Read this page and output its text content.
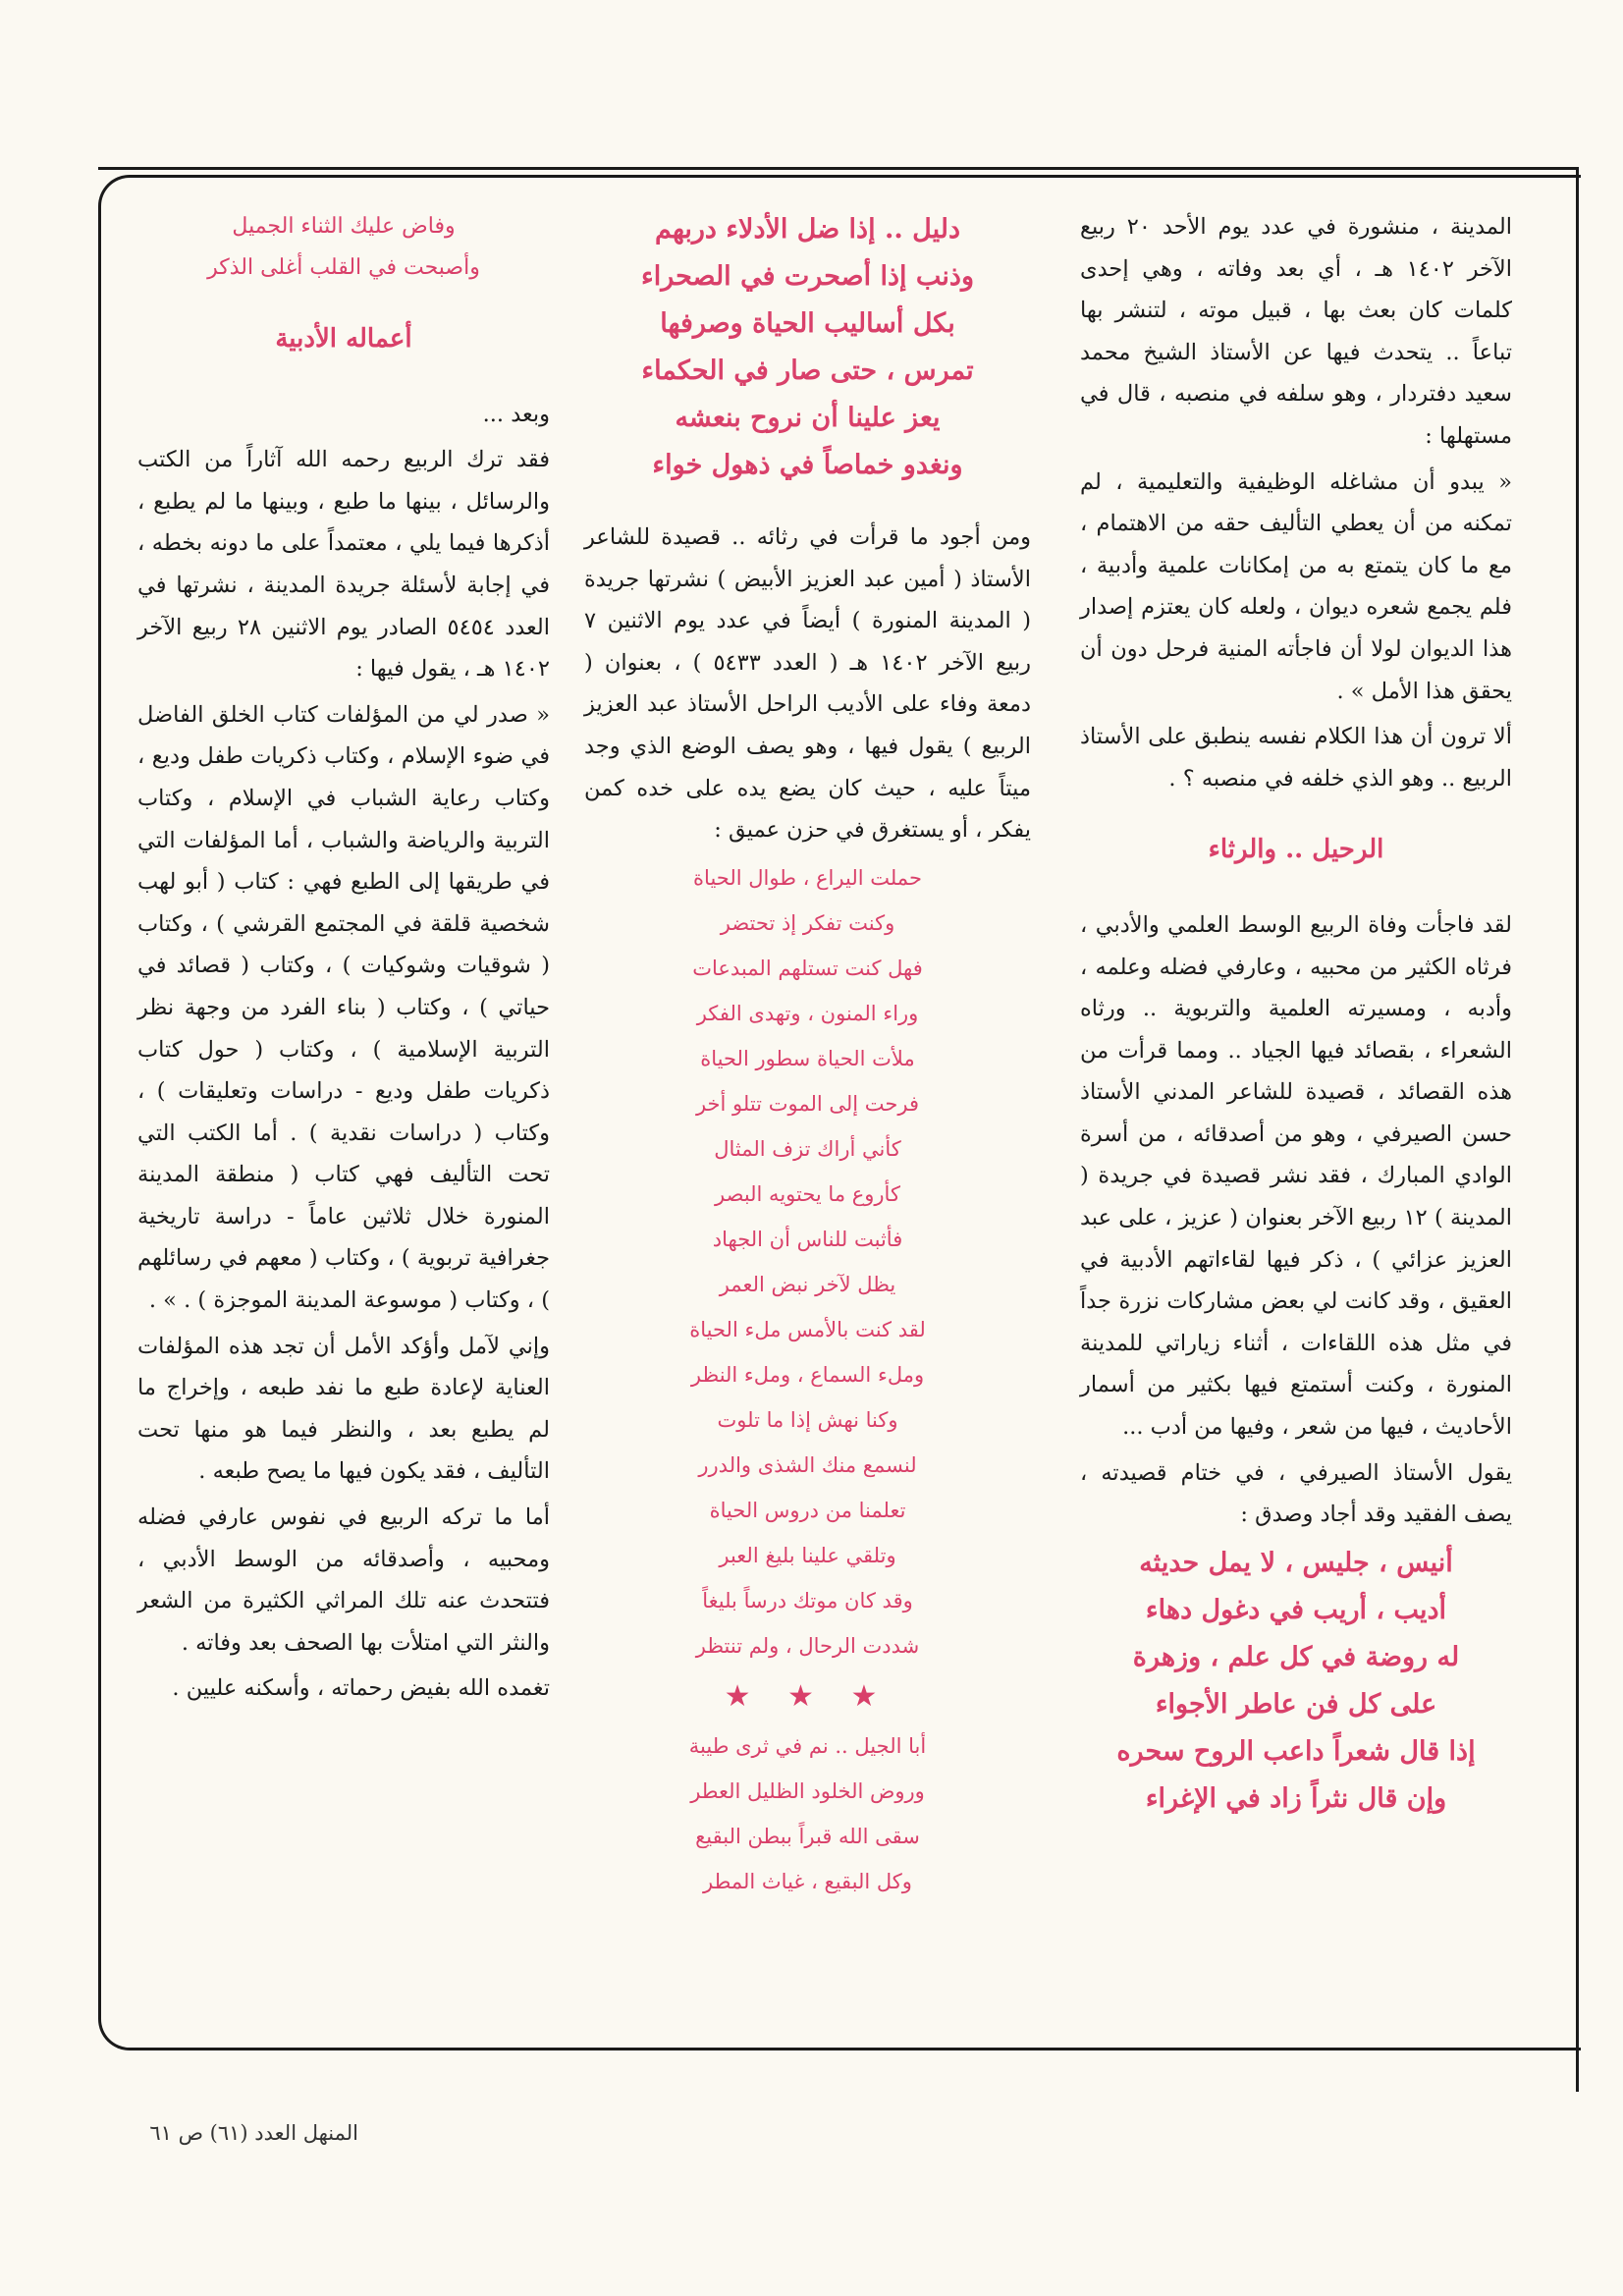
المدينة ، منشورة في عدد يوم الأحد ٢٠ ربيع الآخر ١٤٠٢ هـ ، أي بعد وفاته ، وهي إحدى كلمات كان بعث بها ، قبيل موته ، لتنشر بها تباعاً .. يتحدث فيها عن الأستاذ الشيخ محمد سعيد دفتردار ، وهو سلفه في منصبه ، قال في مستهلها :

« يبدو أن مشاغله الوظيفية والتعليمية ، لم تمكنه من أن يعطي التأليف حقه من الاهتمام ، مع ما كان يتمتع به من إمكانات علمية وأدبية ، فلم يجمع شعره ديوان ، ولعله كان يعتزم إصدار هذا الديوان لولا أن فاجأته المنية فرحل دون أن يحقق هذا الأمل » .

ألا ترون أن هذا الكلام نفسه ينطبق على الأستاذ الربيع .. وهو الذي خلفه في منصبه ؟ .

الرحيل .. والرثاء

لقد فاجأت وفاة الربيع الوسط العلمي والأدبي ، فرثاه الكثير من محبيه ، وعارفي فضله وعلمه ، وأدبه ، ومسيرته العلمية والتربوية .. ورثاه الشعراء ، بقصائد فيها الجياد .. ومما قرأت من هذه القصائد ، قصيدة للشاعر المدني الأستاذ حسن الصيرفي ، وهو من أصدقائه ، من أسرة الوادي المبارك ، فقد نشر قصيدة في جريدة ( المدينة ) ١٢ ربيع الآخر بعنوان ( عزيز ، على عبد العزيز عزائي ) ، ذكر فيها لقاءاتهم الأدبية في العقيق ، وقد كانت لي بعض مشاركات نزرة جداً في مثل هذه اللقاءات ، أثناء زياراتي للمدينة المنورة ، وكنت أستمتع فيها بكثير من أسمار الأحاديث ، فيها من شعر ، وفيها من أدب ...

يقول الأستاذ الصيرفي ، في ختام قصيدته ، يصف الفقيد وقد أجاد وصدق :

أنيس ، جليس ، لا يمل حديثه
أديب ، أريب في دغول دهاء
له روضة في كل علم ، وزهرة
على كل فن عاطر الأجواء
إذا قال شعراً داعب الروح سحره
وإن قال نثراً زاد في الإغراء
دليل .. إذا ضل الأدلاء دربهم
وذنب إذا أصحرت في الصحراء
بكل أساليب الحياة وصرفها
تمرس ، حتى صار في الحكماء
يعز علينا أن نروح بنعشه
ونغدو خماصاً في ذهول خواء

ومن أجود ما قرأت في رثائه .. قصيدة للشاعر الأستاذ ( أمين عبد العزيز الأبيض ) نشرتها جريدة ( المدينة المنورة ) أيضاً في عدد يوم الاثنين ٧ ربيع الآخر ١٤٠٢ هـ ( العدد ٥٤٣٣ ) ، بعنوان ( دمعة وفاء على الأديب الراحل الأستاذ عبد العزيز الربيع ) يقول فيها ، وهو يصف الوضع الذي وجد ميتاً عليه ، حيث كان يضع يده على خده كمن يفكر ، أو يستغرق في حزن عميق :

حملت اليراع ، طوال الحياة
وكنت تفكر إذ تحتضر
فهل كنت تستلهم المبدعات
وراء المنون ، وتهدى الفكر
ملأت الحياة سطور الحياة
فرحت إلى الموت تتلو أخر
كأني أراك تزف المثال
كأروع ما يحتويه البصر
فأثبت للناس أن الجهاد
يظل لآخر نبض العمر
لقد كنت بالأمس ملء الحياة
وملء السماع ، وملء النظر
وكنا نهش إذا ما تلوت
لنسمع منك الشذى والدرر
تعلمنا من دروس الحياة
وتلقي علينا بليغ العبر
وقد كان موتك درساً بليغاً
شددت الرحال ، ولم تنتظر
★ ★ ★
أبا الجيل .. نم في ثرى طيبة
وروض الخلود الظليل العطر
سقى الله قبراً ببطن البقيع
وكل البقيع ، غياث المطر
وفاض عليك الثناء الجميل
وأصبحت في القلب أغلى الذكر

أعماله الأدبية

وبعد ...

فقد ترك الربيع رحمه الله آثاراً من الكتب والرسائل ، بينها ما طبع ، وبينها ما لم يطبع ، أذكرها فيما يلي ، معتمداً على ما دونه بخطه ، في إجابة لأسئلة جريدة المدينة ، نشرتها في العدد ٥٤٥٤ الصادر يوم الاثنين ٢٨ ربيع الآخر ١٤٠٢ هـ ، يقول فيها :

« صدر لي من المؤلفات كتاب الخلق الفاضل في ضوء الإسلام ، وكتاب ذكريات طفل وديع ، وكتاب رعاية الشباب في الإسلام ، وكتاب التربية والرياضة والشباب ، أما المؤلفات التي في طريقها إلى الطبع فهي : كتاب ( أبو لهب شخصية قلقة في المجتمع القرشي ) ، وكتاب ( شوقيات وشوكيات ) ، وكتاب ( قصائد في حياتي ) ، وكتاب ( بناء الفرد من وجهة نظر التربية الإسلامية ) ، وكتاب ( حول كتاب ذكريات طفل وديع - دراسات وتعليقات ) ، وكتاب ( دراسات نقدية ) . أما الكتب التي تحت التأليف فهي كتاب ( منطقة المدينة المنورة خلال ثلاثين عاماً - دراسة تاريخية جغرافية تربوية ) ، وكتاب ( معهم في رسائلهم ) ، وكتاب ( موسوعة المدينة الموجزة ) . » .

وإني لآمل وأؤكد الأمل أن تجد هذه المؤلفات العناية لإعادة طبع ما نفد طبعه ، وإخراج ما لم يطبع بعد ، والنظر فيما هو منها تحت التأليف ، فقد يكون فيها ما يصح طبعه .

أما ما تركه الربيع في نفوس عارفي فضله ومحبيه ، وأصدقائه من الوسط الأدبي ، فتتحدث عنه تلك المراثي الكثيرة من الشعر والنثر التي امتلأت بها الصحف بعد وفاته .

تغمده الله بفيض رحماته ، وأسكنه عليين .

المنهل العدد (٦١) ص ٦١
